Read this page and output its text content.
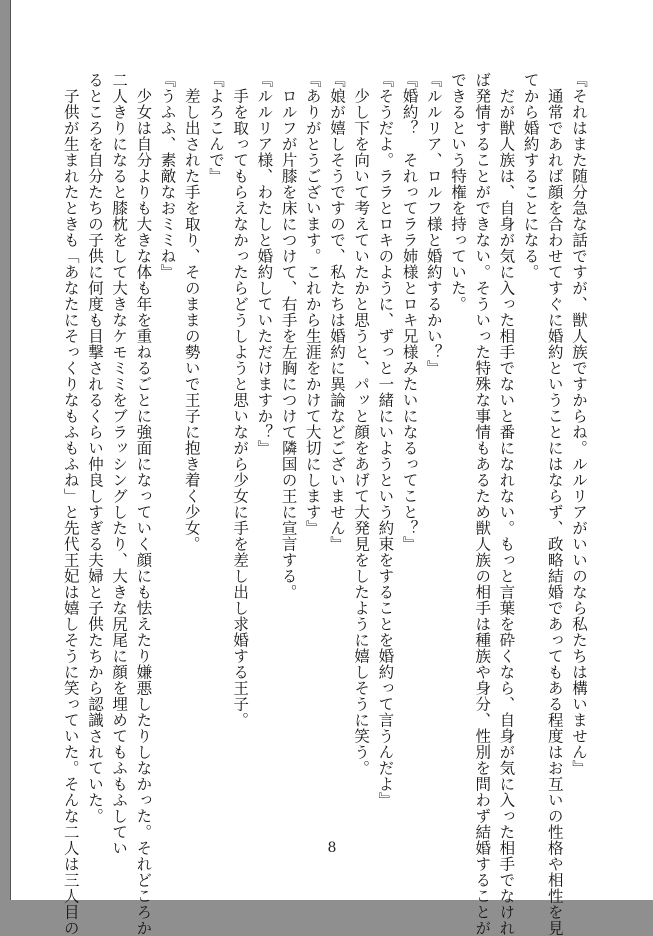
『それはまた随分急な話ですが、獣人族ですからね。ルルリアがいいのなら私たちは構いません』
　通常であれば顔を合わせてすぐに婚約ということにはならず、政略結婚であってもある程度はお互いの性格や相性を見
てから婚約することになる。
　だが獣人族は、自身が気に入った相手でないと番になれない。もっと言葉を砕くなら、自身が気に入った相手でなけれ
ば発情することができない。そういった特殊な事情もあるため獣人族の相手は種族や身分、性別を問わず結婚することが
できるという特権を持っていた。
『ルルリア、ロルフ様と婚約するかい？』
『婚約？　それってララ姉様とロキ兄様みたいになるってこと？』
『そうだよ。ララとロキのように、ずっと一緒にいようという約束をすることを婚約って言うんだよ』
　少し下を向いて考えていたかと思うと、パッと顔をあげて大発見をしたように嬉しそうに笑う。
『娘が嬉しそうですので、私たちは婚約に異論などございません』
『ありがとうございます。これから生涯をかけて大切にします』
　ロルフが片膝を床につけて、右手を左胸につけて隣国の王に宣言する。
『ルルリア様、わたしと婚約していただけますか？』
　手を取ってもらえなかったらどうしようと思いながら少女に手を差し出し求婚する王子。
『よろこんで』
　差し出された手を取り、そのままの勢いで王子に抱き着く少女。
『うふふ、素敵なおミミね』
　少女は自分よりも大きな体も年を重ねるごとに強面になっていく顔にも怯えたり嫌悪したりしなかった。それどころか
二人きりになると膝枕をして大きなケモミミをブラッシングしたり、大きな尻尾に顔を埋めてもふもふしてい
るところを自分たちの子供に何度も目撃されるくらい仲良しすぎる夫婦と子供たちから認識されていた。
　子供が生まれたときも「あなたにそっくりなもふもふね」と先代王妃は嬉しそうに笑っていた。そんな二人は三人目の	8
